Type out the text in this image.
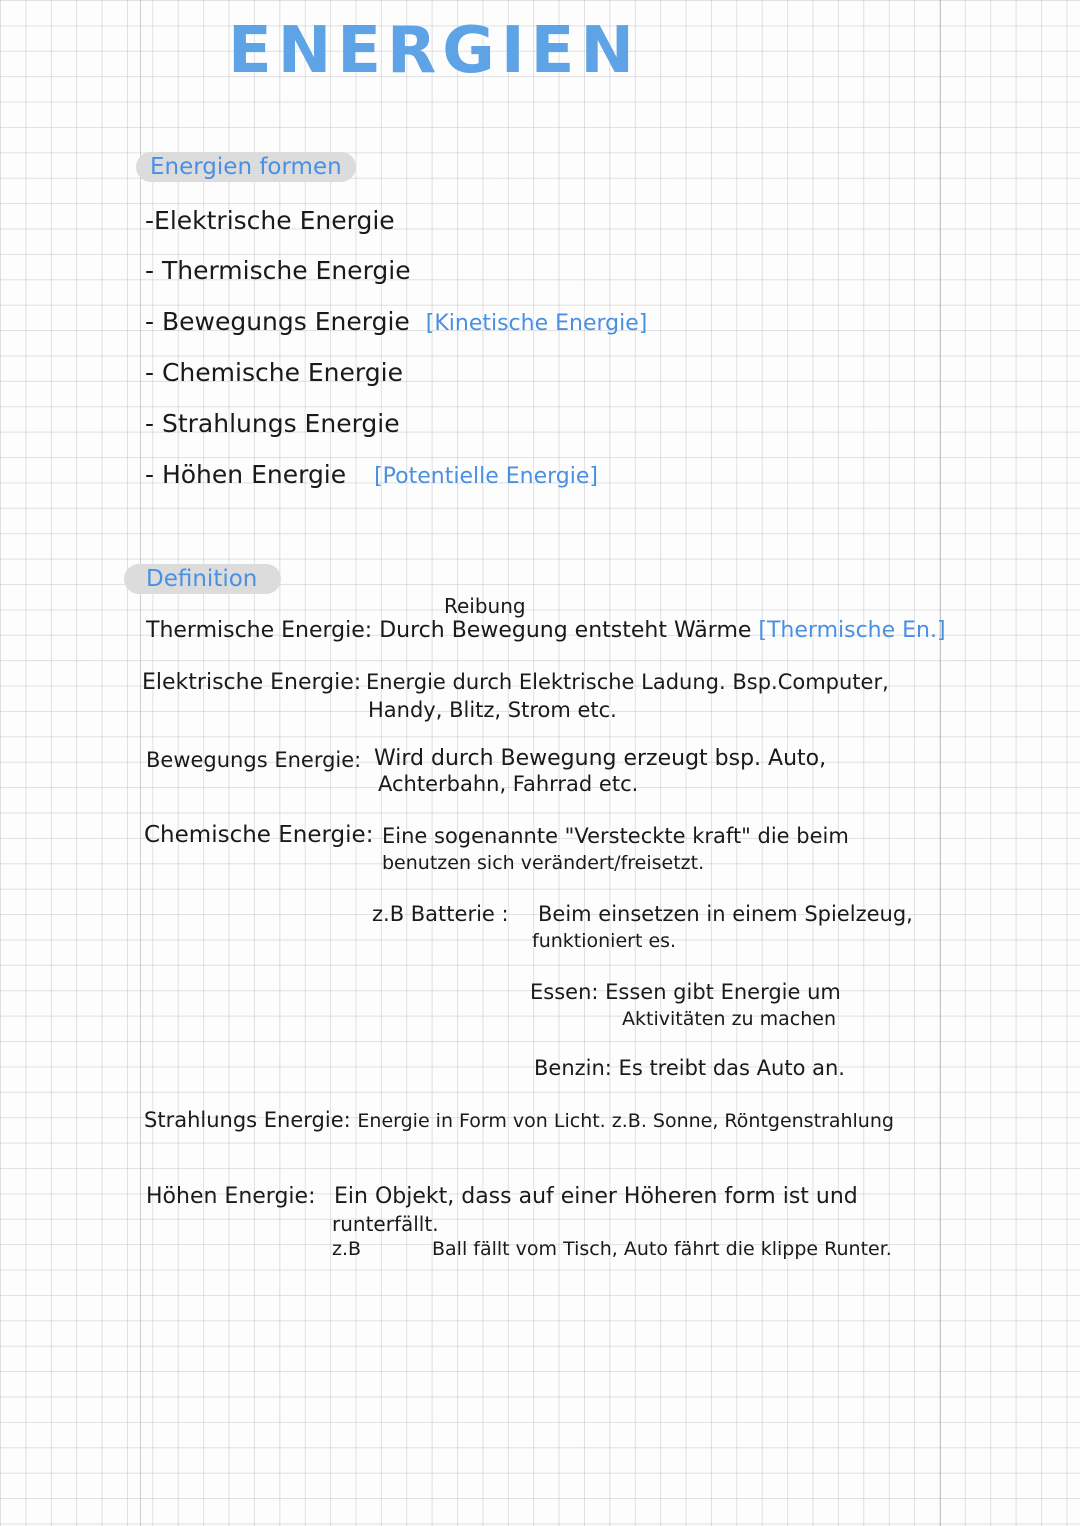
ENERGIEN
Energien formen
-Elektrische Energie
- Thermische Energie
- Bewegungs Energie [Kinetische Energie]
- Chemische Energie
- Strahlungs Energie
- Höhen Energie [Potentielle Energie]
Definition
Reibung
Thermische Energie: Durch Bewegung entsteht Wärme [Thermische En.]
Elektrische Energie: Energie durch Elektrische Ladung. Bsp.Computer,
Handy, Blitz, Strom etc.
Bewegungs Energie: Wird durch Bewegung erzeugt bsp. Auto,
Achterbahn, Fahrrad etc.
Chemische Energie: Eine sogenannte "Versteckte kraft" die beim
benutzen sich verändert/freisetzt.
z.B Batterie : Beim einsetzen in einem Spielzeug,
funktioniert es.
Essen: Essen gibt Energie um
Aktivitäten zu machen
Benzin: Es treibt das Auto an.
Strahlungs Energie: Energie in Form von Licht. z.B. Sonne, Röntgenstrahlung
Höhen Energie: Ein Objekt, dass auf einer Höheren form ist und
runterfällt.
z.B	Ball fällt vom Tisch, Auto fährt die klippe Runter.
